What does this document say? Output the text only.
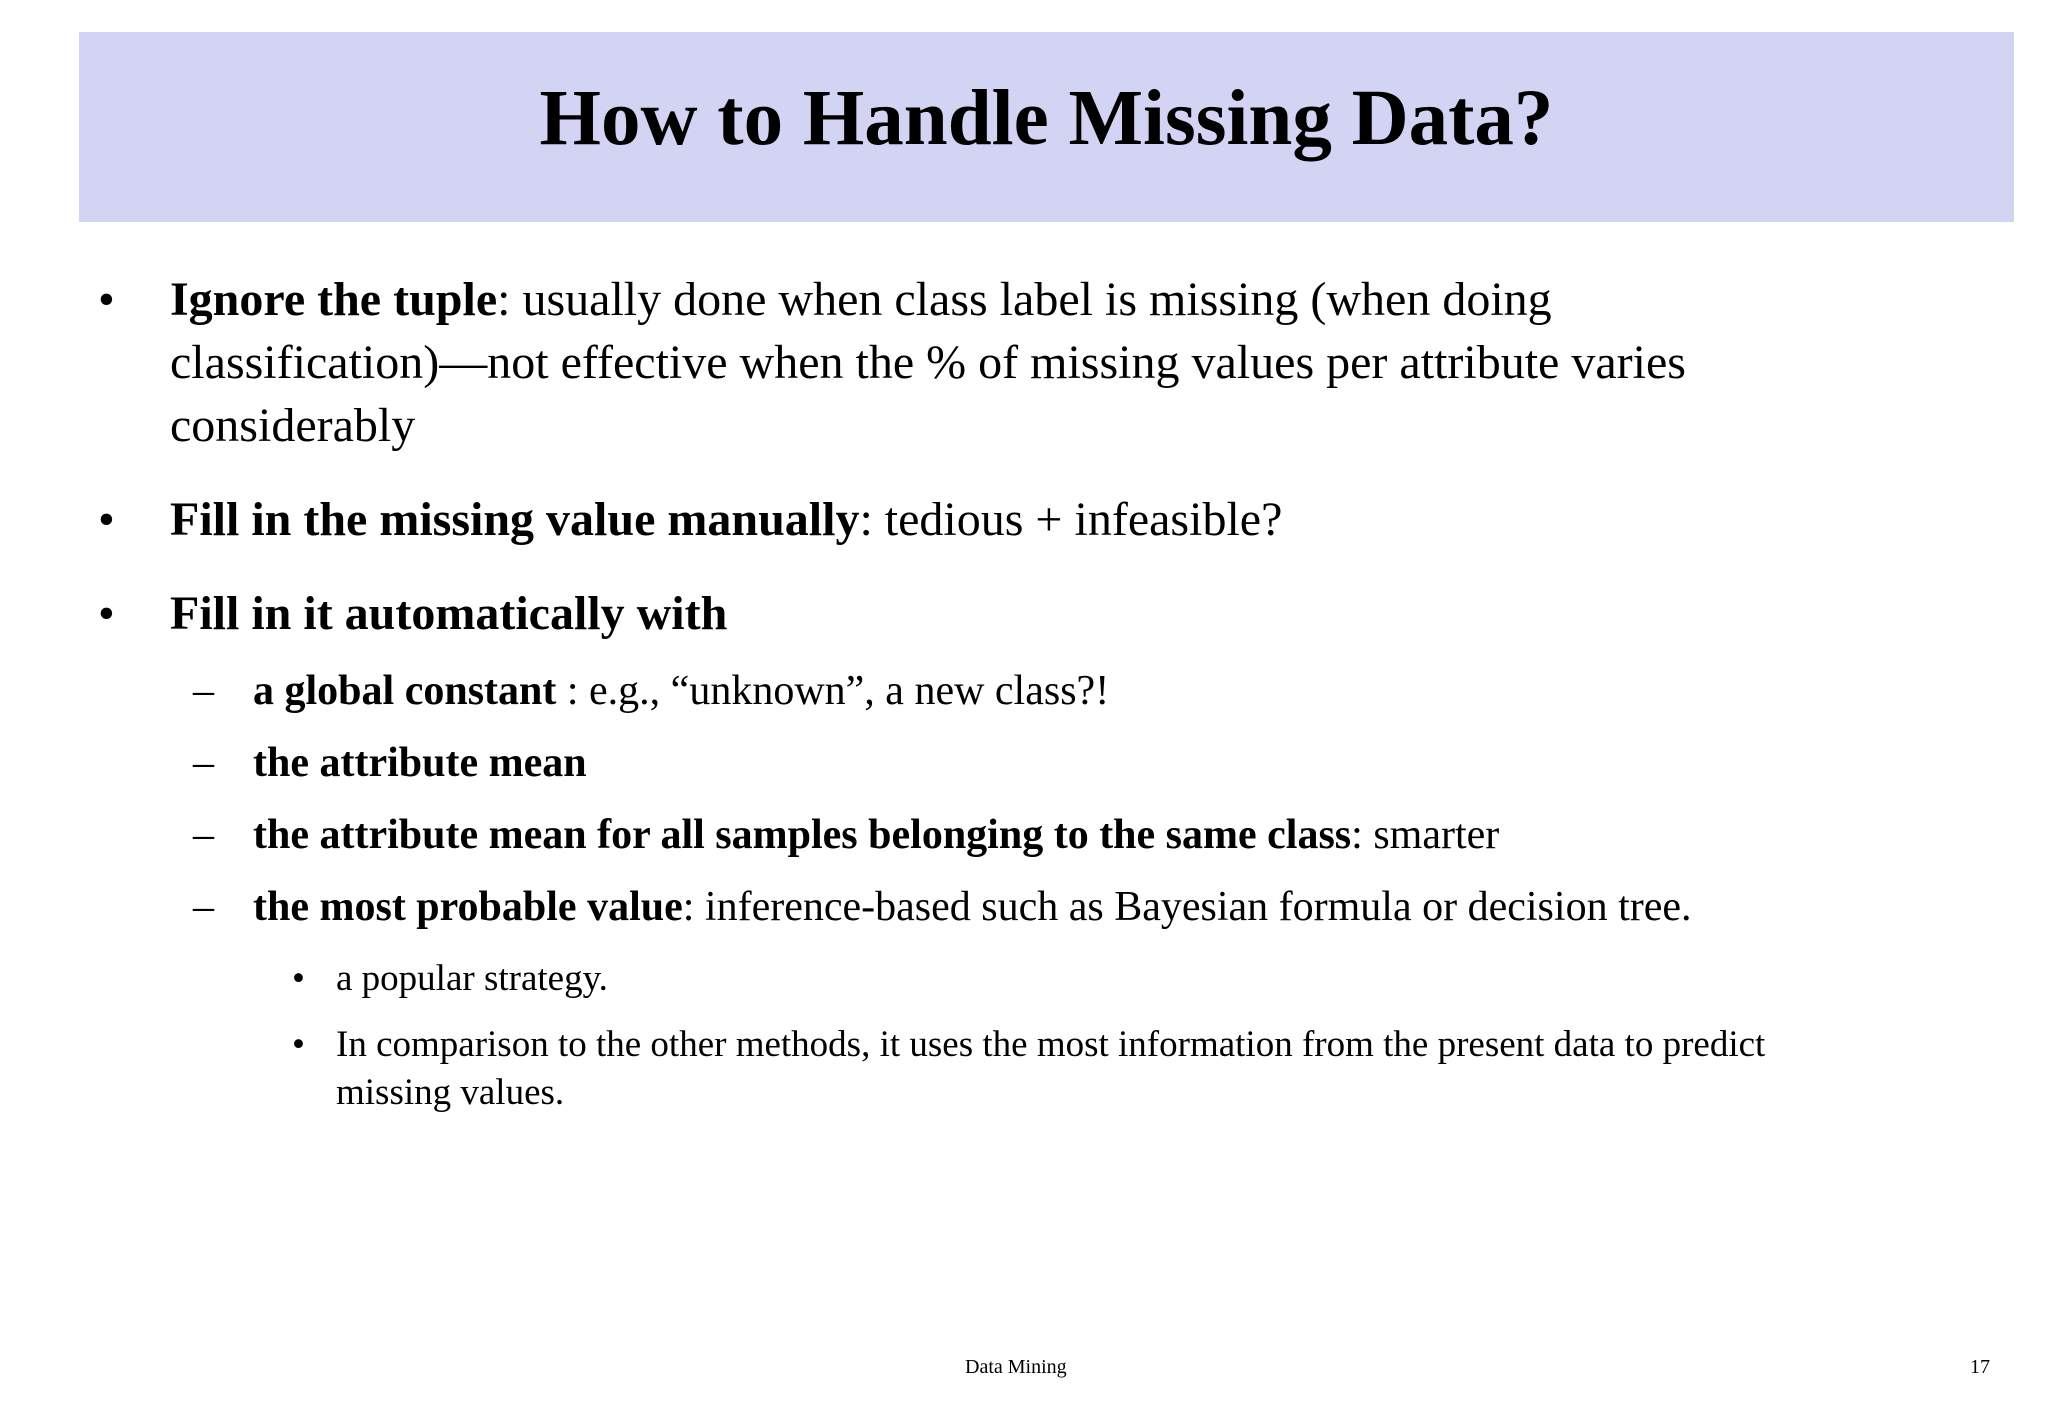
How to Handle Missing Data?
• Ignore the tuple: usually done when class label is missing (when doing
classification)—not effective when the % of missing values per attribute varies
considerably
• Fill in the missing value manually: tedious + infeasible?
• Fill in it automatically with
– a global constant : e.g., “unknown”, a new class?!
– the attribute mean
– the attribute mean for all samples belonging to the same class: smarter
– the most probable value: inference-based such as Bayesian formula or decision tree.
• a popular strategy.
• In comparison to the other methods, it uses the most information from the present data to predict
missing values.
Data Mining	17
